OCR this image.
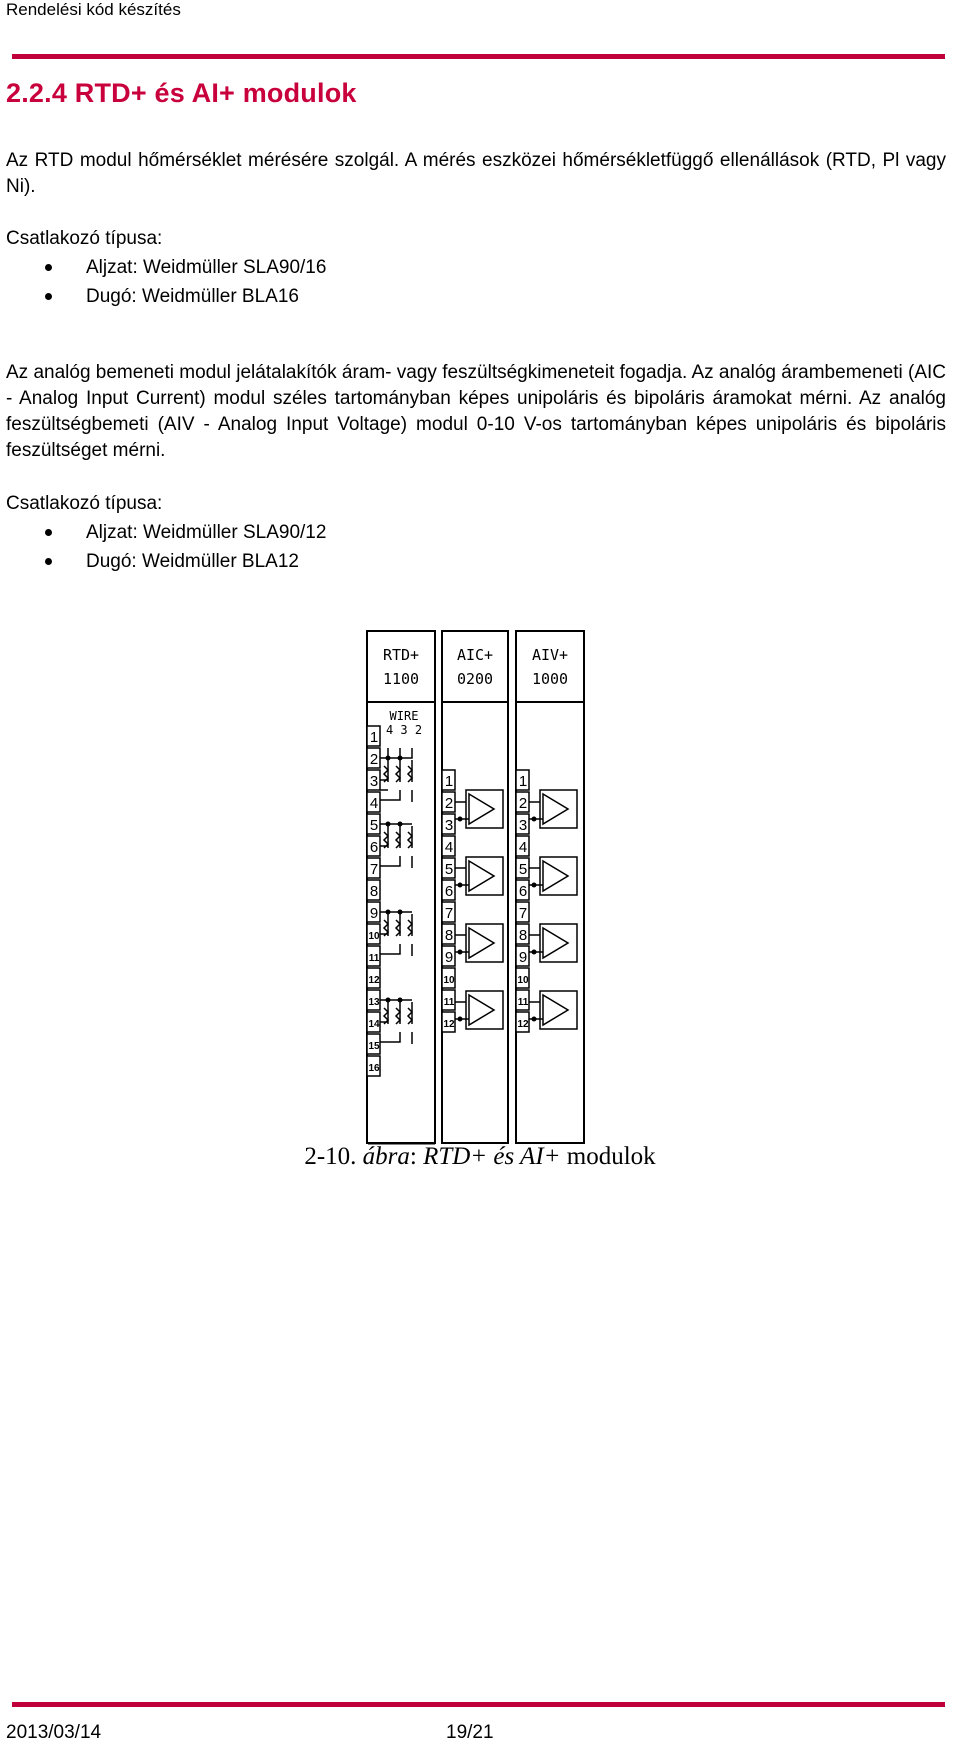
Rendelési kód készítés
2.2.4 RTD+ és AI+ modulok

Az RTD modul hőmérséklet mérésére szolgál. A mérés eszközei hőmérsékletfüggő ellenállások (RTD, Pl vagy Ni).

Csatlakozó típusa:

Aljzat: Weidmüller SLA90/16
Dugó: Weidmüller BLA16

Az analóg bemeneti modul jelátalakítók áram- vagy feszültségkimeneteit fogadja. Az analóg árambemeneti (AIC - Analog Input Current) modul széles tartományban képes unipoláris és bipoláris áramokat mérni. Az analóg feszültségbemeti (AIV - Analog Input Voltage) modul 0-10 V-os tartományban képes unipoláris és bipoláris feszültséget mérni.

Csatlakozó típusa:

Aljzat: Weidmüller SLA90/12
Dugó: Weidmüller BLA12
RTD+
1100
AIC+
0200
AIV+
1000
WIRE
4 3 2
1
2
3
4
5
6
7
8
9
10
11
12
13
14
15
16
1
2
3
4
5
6
7
8
9
10
11
12
1
2
3
4
5
6
7
8
9
10
11
12
2-10. ábra: RTD+ és AI+ modulok
2013/03/14	19/21
